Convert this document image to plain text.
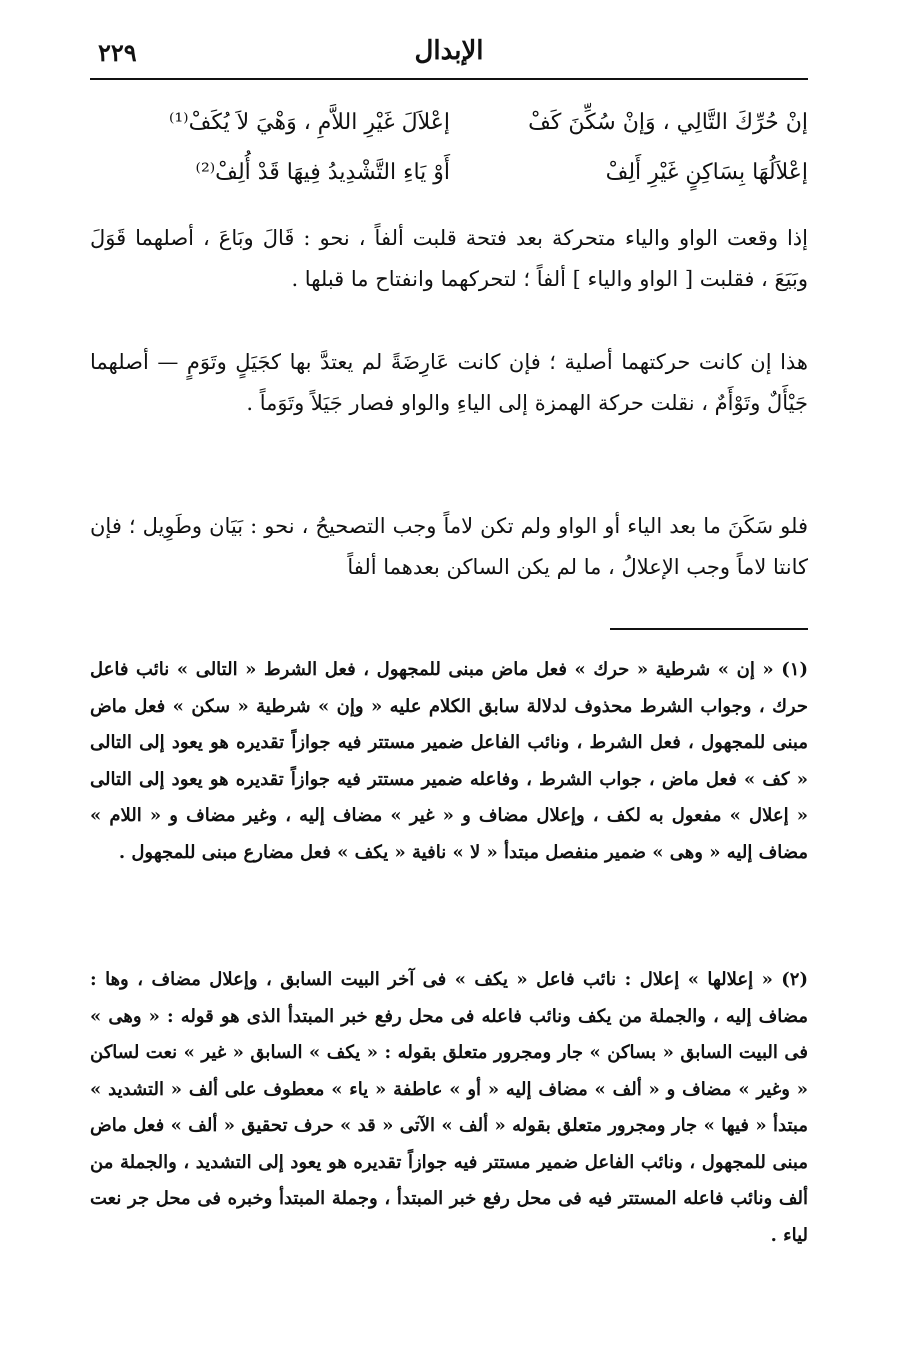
الإبدال
٢٢٩
إنْ حُرِّكَ التَّالِي ، وَإنْ سُكِّنَ كَفْ
إعْلاَلَ غَيْرِ اللاَّمِ ، وَهْيَ لاَ يُكَفْ⁽¹⁾
إعْلاَلُهَا بِسَاكِنٍ غَيْرِ أَلِفْ
أَوْ يَاءِ التَّشْدِيدُ فِيهَا قَدْ أُلِفْ⁽²⁾

إذا وقعت الواو والياء متحركة بعد فتحة قلبت ألفاً ، نحو : قَالَ وبَاعَ ، أصلهما قَوَلَ وبَيَعَ ، فقلبت [ الواو والياء ] ألفاً ؛ لتحركهما وانفتاح ما قبلها .

هذا إن كانت حركتهما أصلية ؛ فإن كانت عَارِضَةً لم يعتدَّ بها كجَيَلٍ وتَوَمٍ — أصلهما جَيْأَلٌ وتَوْأَمٌ ، نقلت حركة الهمزة إلى الياءِ والواو فصار جَيَلاً وتَوَماً .

فلو سَكَنَ ما بعد الياء أو الواو ولم تكن لاماً وجب التصحيحُ ، نحو : بَيَان وطَوِيل ؛ فإن كانتا لاماً وجب الإعلالُ ، ما لم يكن الساكن بعدهما ألفاً

(١) « إن » شرطية « حرك » فعل ماض مبنى للمجهول ، فعل الشرط « التالى » نائب فاعل حرك ، وجواب الشرط محذوف لدلالة سابق الكلام عليه « وإن » شرطية « سكن » فعل ماض مبنى للمجهول ، فعل الشرط ، ونائب الفاعل ضمير مستتر فيه جوازاً تقديره هو يعود إلى التالى « كف » فعل ماض ، جواب الشرط ، وفاعله ضمير مستتر فيه جوازاً تقديره هو يعود إلى التالى « إعلال » مفعول به لكف ، وإعلال مضاف و « غير » مضاف إليه ، وغير مضاف و « اللام » مضاف إليه « وهى » ضمير منفصل مبتدأ « لا » نافية « يكف » فعل مضارع مبنى للمجهول .

(٢) « إعلالها » إعلال : نائب فاعل « يكف » فى آخر البيت السابق ، وإعلال مضاف ، وها : مضاف إليه ، والجملة من يكف ونائب فاعله فى محل رفع خبر المبتدأ الذى هو قوله : « وهى » فى البيت السابق « بساكن » جار ومجرور متعلق بقوله : « يكف » السابق « غير » نعت لساكن « وغير » مضاف و « ألف » مضاف إليه « أو » عاطفة « ياء » معطوف على ألف « التشديد » مبتدأ « فيها » جار ومجرور متعلق بقوله « ألف » الآتى « قد » حرف تحقيق « ألف » فعل ماض مبنى للمجهول ، ونائب الفاعل ضمير مستتر فيه جوازاً تقديره هو يعود إلى التشديد ، والجملة من ألف ونائب فاعله المستتر فيه فى محل رفع خبر المبتدأ ، وجملة المبتدأ وخبره فى محل جر نعت لياء .
